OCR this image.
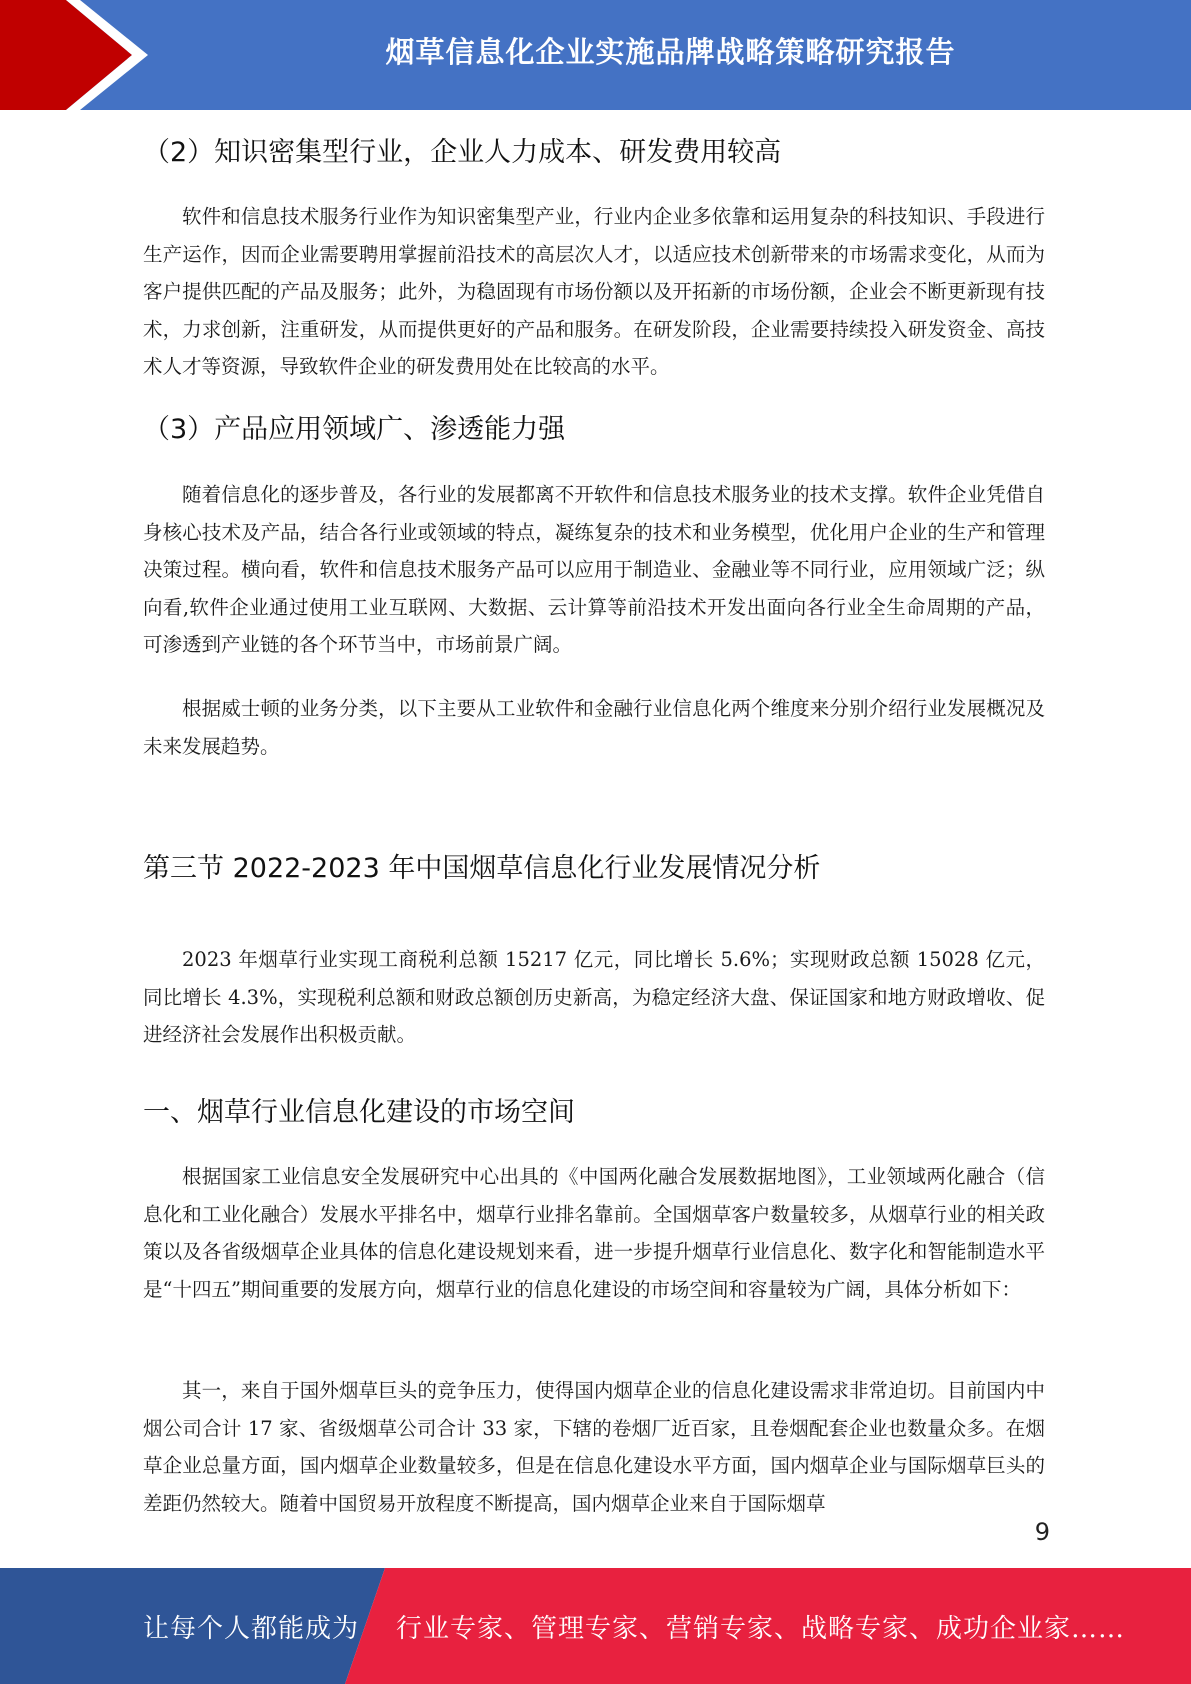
烟草信息化企业实施品牌战略策略研究报告
（2）知识密集型行业，企业人力成本、研发费用较高

软件和信息技术服务行业作为知识密集型产业，行业内企业多依靠和运用复杂的科技知识、手段进行生产运作，因而企业需要聘用掌握前沿技术的高层次人才，以适应技术创新带来的市场需求变化，从而为客户提供匹配的产品及服务；此外，为稳固现有市场份额以及开拓新的市场份额，企业会不断更新现有技术，力求创新，注重研发，从而提供更好的产品和服务。在研发阶段，企业需要持续投入研发资金、高技术人才等资源，导致软件企业的研发费用处在比较高的水平。

（3）产品应用领域广、渗透能力强

随着信息化的逐步普及，各行业的发展都离不开软件和信息技术服务业的技术支撑。软件企业凭借自身核心技术及产品，结合各行业或领域的特点，凝练复杂的技术和业务模型，优化用户企业的生产和管理决策过程。横向看，软件和信息技术服务产品可以应用于制造业、金融业等不同行业，应用领域广泛；纵向看,软件企业通过使用工业互联网、大数据、云计算等前沿技术开发出面向各行业全生命周期的产品，可渗透到产业链的各个环节当中，市场前景广阔。

根据威士顿的业务分类，以下主要从工业软件和金融行业信息化两个维度来分别介绍行业发展概况及未来发展趋势。

第三节 2022-2023 年中国烟草信息化行业发展情况分析

2023 年烟草行业实现工商税利总额 15217 亿元，同比增长 5.6%；实现财政总额 15028 亿元，同比增长 4.3%，实现税利总额和财政总额创历史新高，为稳定经济大盘、保证国家和地方财政增收、促进经济社会发展作出积极贡献。

一、烟草行业信息化建设的市场空间

根据国家工业信息安全发展研究中心出具的《中国两化融合发展数据地图》，工业领域两化融合（信息化和工业化融合）发展水平排名中，烟草行业排名靠前。全国烟草客户数量较多，从烟草行业的相关政策以及各省级烟草企业具体的信息化建设规划来看，进一步提升烟草行业信息化、数字化和智能制造水平是“十四五”期间重要的发展方向，烟草行业的信息化建设的市场空间和容量较为广阔，具体分析如下：

其一，来自于国外烟草巨头的竞争压力，使得国内烟草企业的信息化建设需求非常迫切。目前国内中烟公司合计 17 家、省级烟草公司合计 33 家，下辖的卷烟厂近百家，且卷烟配套企业也数量众多。在烟草企业总量方面，国内烟草企业数量较多，但是在信息化建设水平方面，国内烟草企业与国际烟草巨头的差距仍然较大。随着中国贸易开放程度不断提高，国内烟草企业来自于国际烟草

9
让每个人都能成为 行业专家、管理专家、营销专家、战略专家、成功企业家……
